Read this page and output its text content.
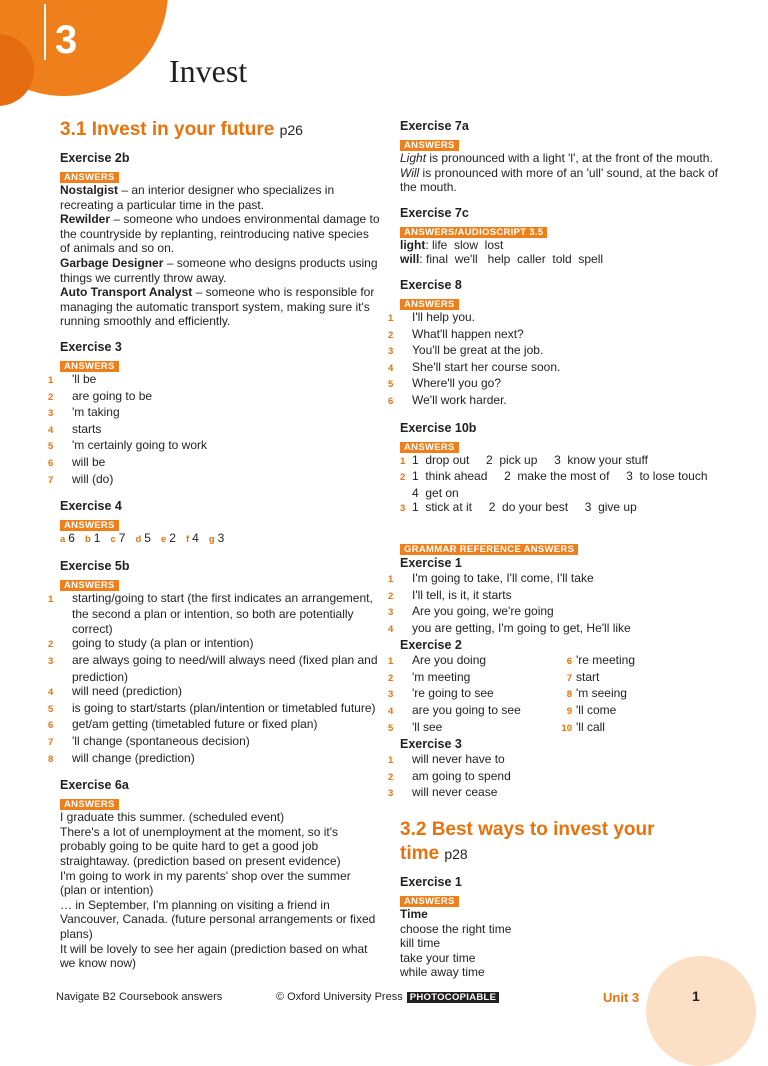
3
Invest
3.1 Invest in your future p26

Exercise 2b

ANSWERS
Nostalgist – an interior designer who specializes in recreating a particular time in the past.
Rewilder – someone who undoes environmental damage to the countryside by replanting, reintroducing native species of animals and so on.
Garbage Designer – someone who designs products using things we currently throw away.
Auto Transport Analyst – someone who is responsible for managing the automatic transport system, making sure it's running smoothly and efficiently.

Exercise 3

ANSWERS
1 'll be
2 are going to be
3 'm taking
4 starts
5 'm certainly going to work
6 will be
7 will (do)

Exercise 4

ANSWERS
a 6 b 1 c 7 d 5 e 2 f 4 g 3

Exercise 5b

ANSWERS
1 starting/going to start (the first indicates an arrangement, the second a plan or intention, so both are potentially correct)
2 going to study (a plan or intention)
3 are always going to need/will always need (fixed plan and prediction)
4 will need (prediction)
5 is going to start/starts (plan/intention or timetabled future)
6 get/am getting (timetabled future or fixed plan)
7 'll change (spontaneous decision)
8 will change (prediction)

Exercise 6a

ANSWERS
I graduate this summer. (scheduled event)
There's a lot of unemployment at the moment, so it's probably going to be quite hard to get a good job straightaway. (prediction based on present evidence)
I'm going to work in my parents' shop over the summer (plan or intention)
… in September, I'm planning on visiting a friend in Vancouver, Canada. (future personal arrangements or fixed plans)
It will be lovely to see her again (prediction based on what we know now)

Exercise 7a

ANSWERS
Light is pronounced with a light 'l', at the front of the mouth. Will is pronounced with more of an 'ull' sound, at the back of the mouth.

Exercise 7c

ANSWERS/AUDIOSCRIPT 3.5
light: life  slow  lost
will: final  we'll   help  caller  told  spell

Exercise 8

ANSWERS
1 I'll help you.
2 What'll happen next?
3 You'll be great at the job.
4 She'll start her course soon.
5 Where'll you go?
6 We'll work harder.

Exercise 10b

ANSWERS
1 1  drop out     2  pick up     3  know your stuff
2 1  think ahead     2  make the most of     3  to lose touch
4  get on
3 1  stick at it     2  do your best     3  give up
GRAMMAR REFERENCE ANSWERS

Exercise 1

1 I'm going to take, I'll come, I'll take
2 I'll tell, is it, it starts
3 Are you going, we're going
4 you are getting, I'm going to get, He'll like

Exercise 2

1 Are you doing
2 'm meeting
3 're going to see
4 are you going to see
5 'll see
6 're meeting
7 start
8 'm seeing
9 'll come
10 'll call

Exercise 3

1 will never have to
2 am going to spend
3 will never cease
3.2 Best ways to invest your
time p28

Exercise 1

ANSWERS
Time
choose the right time
kill time
take your time
while away time
Navigate B2 Coursebook answers	© Oxford University Press PHOTOCOPIABLE	Unit 3	1
